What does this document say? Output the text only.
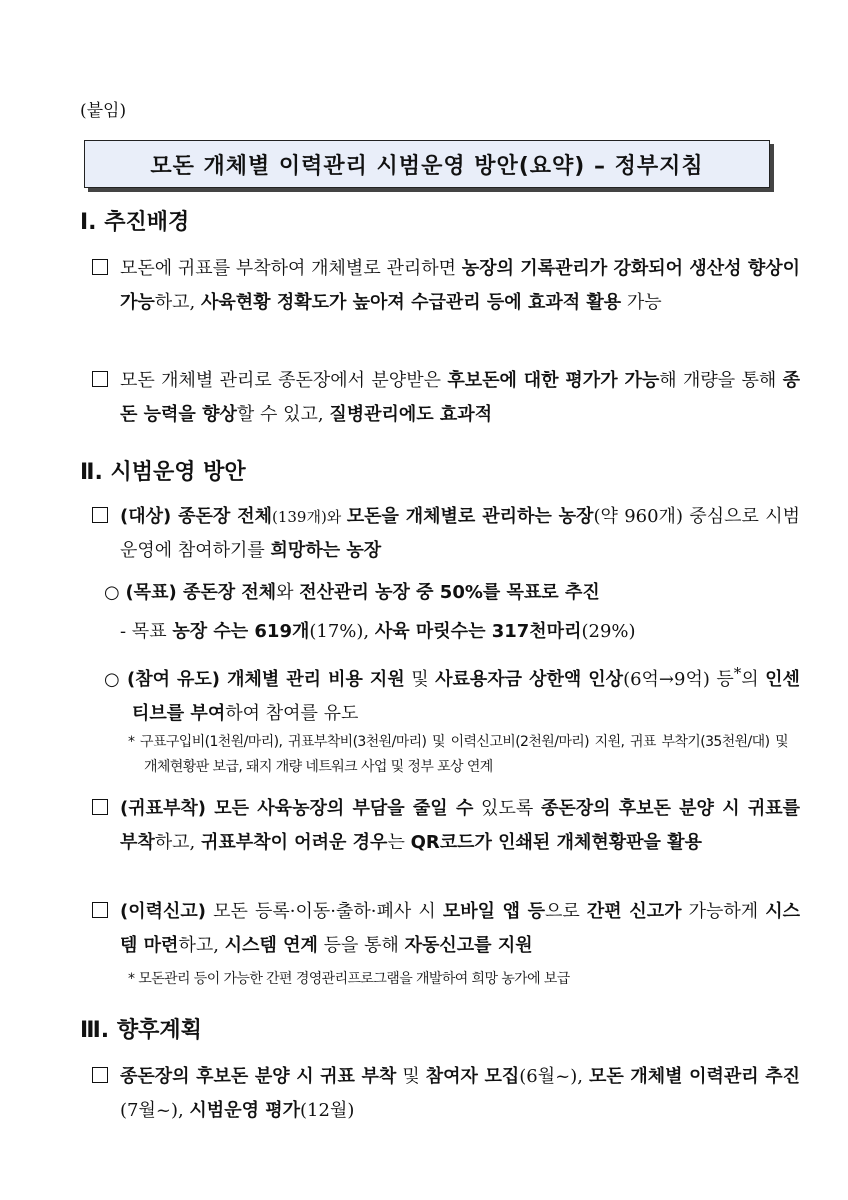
(붙임)
모돈 개체별 이력관리 시범운영 방안(요약) – 정부지침
Ⅰ. 추진배경
모돈에 귀표를 부착하여 개체별로 관리하면 농장의 기록관리가 강화되어 생산성 향상이 가능하고, 사육현황 정확도가 높아져 수급관리 등에 효과적 활용 가능
모돈 개체별 관리로 종돈장에서 분양받은 후보돈에 대한 평가가 가능해 개량을 통해 종돈 능력을 향상할 수 있고, 질병관리에도 효과적
Ⅱ. 시범운영 방안
(대상) 종돈장 전체(139개)와 모돈을 개체별로 관리하는 농장(약 960개) 중심으로 시범운영에 참여하기를 희망하는 농장
○ (목표) 종돈장 전체와 전산관리 농장 중 50%를 목표로 추진
- 목표 농장 수는 619개(17%), 사육 마릿수는 317천마리(29%)
○ (참여 유도) 개체별 관리 비용 지원 및 사료용자금 상한액 인상(6억→9억) 등*의 인센티브를 부여하여 참여를 유도
* 구표구입비(1천원/마리), 귀표부착비(3천원/마리) 및 이력신고비(2천원/마리) 지원, 귀표 부착기(35천원/대) 및 개체현황판 보급, 돼지 개량 네트워크 사업 및 정부 포상 연계
(귀표부착) 모든 사육농장의 부담을 줄일 수 있도록 종돈장의 후보돈 분양 시 귀표를 부착하고, 귀표부착이 어려운 경우는 QR코드가 인쇄된 개체현황판을 활용
(이력신고) 모돈 등록·이동·출하·폐사 시 모바일 앱 등으로 간편 신고가 가능하게 시스템 마련하고, 시스템 연계 등을 통해 자동신고를 지원
* 모돈관리 등이 가능한 간편 경영관리프로그램을 개발하여 희망 농가에 보급
Ⅲ. 향후계획
종돈장의 후보돈 분양 시 귀표 부착 및 참여자 모집(6월~), 모돈 개체별 이력관리 추진(7월~), 시범운영 평가(12월)
